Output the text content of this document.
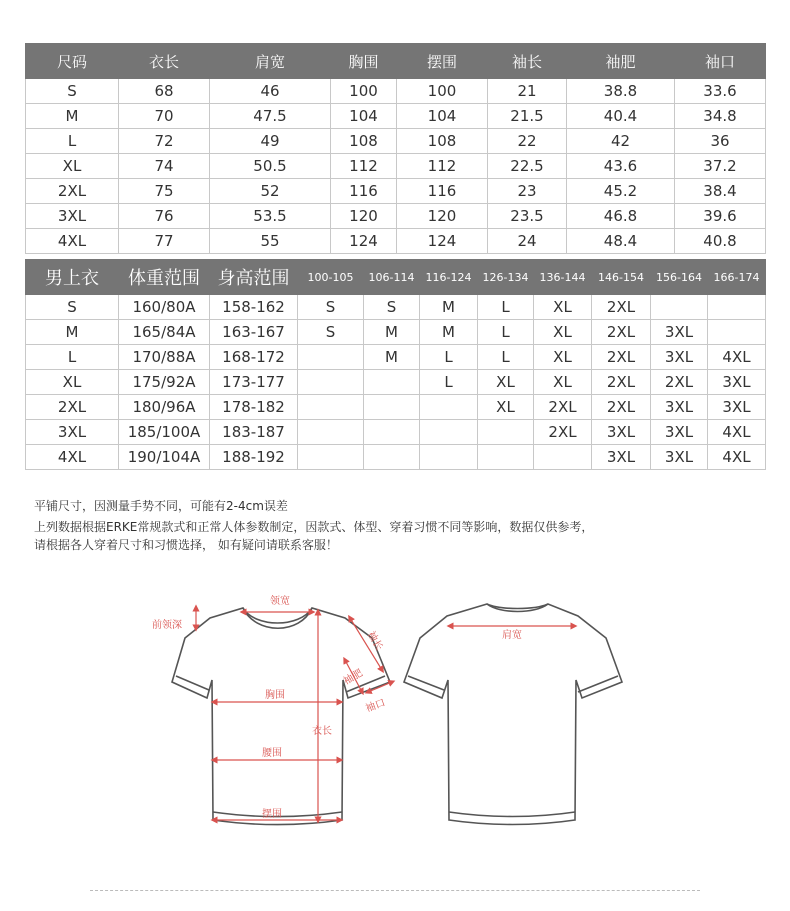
尺码	衣长	肩宽	胸围	摆围	袖长	袖肥	袖口
S	68	46	100	100	21	38.8	33.6
M	70	47.5	104	104	21.5	40.4	34.8
L	72	49	108	108	22	42	36
XL	74	50.5	112	112	22.5	43.6	37.2
2XL	75	52	116	116	23	45.2	38.4
3XL	76	53.5	120	120	23.5	46.8	39.6
4XL	77	55	124	124	24	48.4	40.8
男上衣	体重范围	身高范围	100-105	106-114	116-124	126-134	136-144	146-154	156-164	166-174
S	160/80A	158-162	S	S	M	L	XL	2XL		
M	165/84A	163-167	S	M	M	L	XL	2XL	3XL	
L	170/88A	168-172		M	L	L	XL	2XL	3XL	4XL
XL	175/92A	173-177			L	XL	XL	2XL	2XL	3XL
2XL	180/96A	178-182				XL	2XL	2XL	3XL	3XL
3XL	185/100A	183-187					2XL	3XL	3XL	4XL
4XL	190/104A	188-192						3XL	3XL	4XL
平铺尺寸，因测量手势不同，可能有2-4cm误差
上列数据根据ERKE常规款式和正常人体参数制定，因款式、体型、穿着习惯不同等影响，数据仅供参考，
请根据各人穿着尺寸和习惯选择， 如有疑问请联系客服！
领宽
前领深
袖长
袖肥
袖口
胸围
衣长
腰围
摆围
肩宽
